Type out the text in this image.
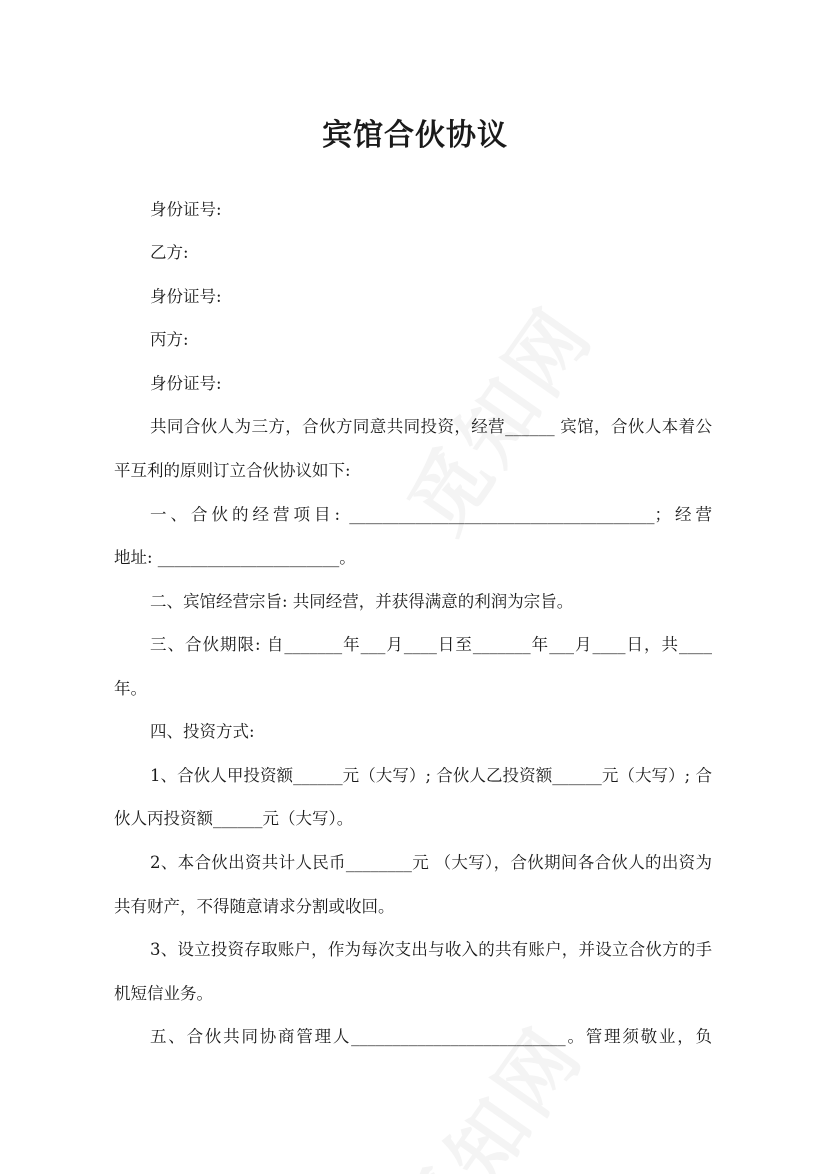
宾馆合伙协议
身份证号:
乙方:
身份证号:
丙方:
身份证号:
共同合伙人为三方，合伙方同意共同投资，经营______ 宾馆，合伙人本着公
平互利的原则订立合伙协议如下:
一、合伙的经营项目: _____________________________________；经营
地址: ______________________。
二、宾馆经营宗旨: 共同经营，并获得满意的利润为宗旨。
三、合伙期限: 自_______年___月____日至_______年___月____日，共____
年。
四、投资方式:
1、合伙人甲投资额______元（大写）; 合伙人乙投资额______元（大写）; 合
伙人丙投资额______元（大写）。
2、本合伙出资共计人民币________元 （大写），合伙期间各合伙人的出资为
共有财产，不得随意请求分割或收回。
3、设立投资存取账户，作为每次支出与收入的共有账户，并设立合伙方的手
机短信业务。
五、合伙共同协商管理人__________________________。管理须敬业，负
